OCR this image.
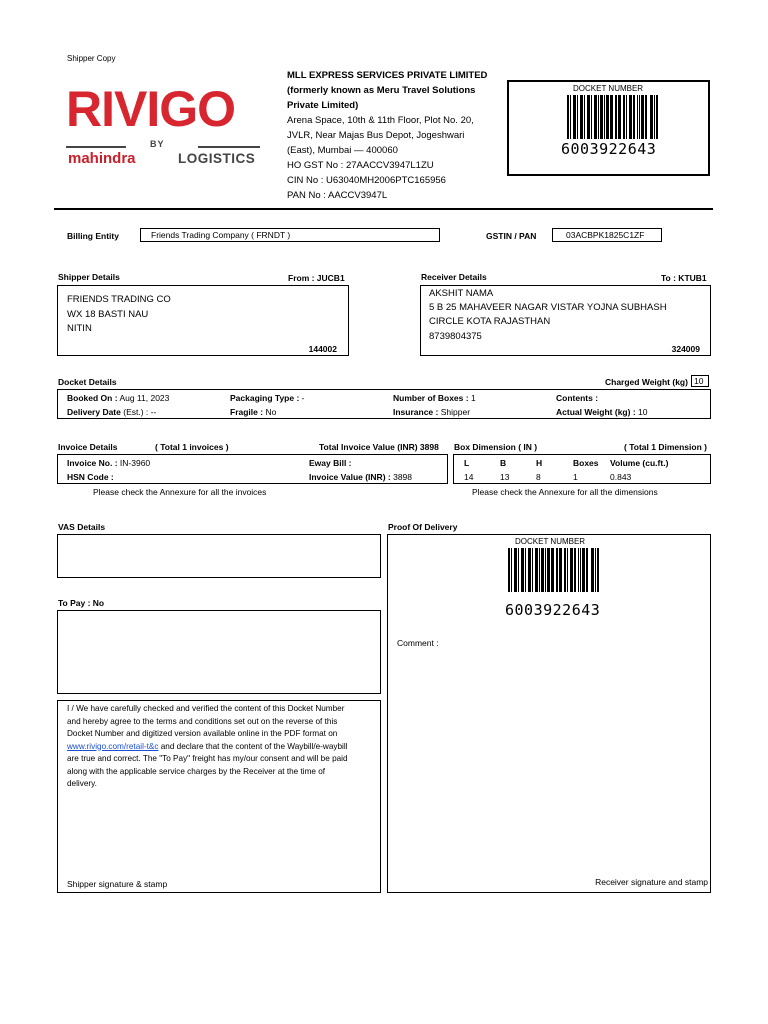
Shipper Copy
RIVIGO
BY
mahindra	LOGISTICS
MLL EXPRESS SERVICES PRIVATE LIMITED
(formerly known as Meru Travel Solutions
Private Limited)
Arena Space, 10th & 11th Floor, Plot No. 20,
JVLR, Near Majas Bus Depot, Jogeshwari
(East), Mumbai — 400060
HO GST No : 27AACCV3947L1ZU
CIN No : U63040MH2006PTC165956
PAN No : AACCV3947L
DOCKET NUMBER
6003922643
Billing Entity	Friends Trading Company ( FRNDT )	GSTIN / PAN	03ACBPK1825C1ZF
Shipper Details	From : JUCB1
FRIENDS TRADING CO
WX 18 BASTI NAU
NITIN
144002
Receiver Details	To : KTUB1
AKSHIT NAMA
5 B 25 MAHAVEER NAGAR VISTAR YOJNA SUBHASH
CIRCLE KOTA RAJASTHAN
8739804375
324009
Docket Details	Charged Weight (kg) 10
Booked On : Aug 11, 2023	Packaging Type : -	Number of Boxes : 1	Contents :
Delivery Date (Est.) : --	Fragile : No	Insurance : Shipper	Actual Weight (kg) : 10
Invoice Details	( Total 1 invoices )	Total Invoice Value (INR) 3898
Invoice No. : IN-3960	Eway Bill :
HSN Code :	Invoice Value (INR) : 3898
Please check the Annexure for all the invoices
Box Dimension ( IN )	( Total 1 Dimension )
L	B	H	Boxes Volume (cu.ft.)
14	13	8	1	0.843
Please check the Annexure for all the dimensions
VAS Details
To Pay : No
I / We have carefully checked and verified the content of this Docket Number
and hereby agree to the terms and conditions set out on the reverse of this
Docket Number and digitized version available online in the PDF format on
www.rivigo.com/retail-t&c and declare that the content of the Waybill/e-waybill
are true and correct. The "To Pay" freight has my/our consent and will be paid
along with the applicable service charges by the Receiver at the time of
delivery.
Shipper signature & stamp
Proof Of Delivery
DOCKET NUMBER
6003922643
Comment :
Receiver signature and stamp
